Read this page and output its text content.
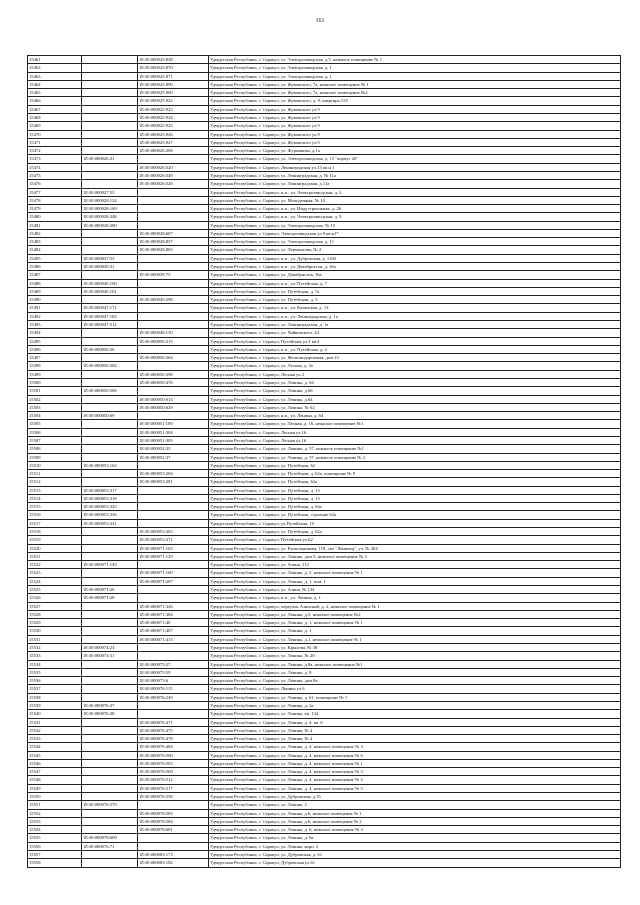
161
15461		18:30:000025:838	Удмуртская Республика, г. Сарапул, ул. Электрозаводская, д.5, нежилое помещение № 1
15462		18:30:000025:870	Удмуртская Республика, г. Сарапул, ул. Электрозаводская, д. 1
15463		18:30:000025:871	Удмуртская Республика, г. Сарапул, ул. Электрозаводская, д. 1
15464		18:30:000025:899	Удмуртская Республика, г. Сарапул, ул. Жуковского, 7а, нежилое помещение № 1
15465		18:30:000025:900	Удмуртская Республика, г. Сарапул, ул. Жуковского, 7а, нежилое помещение №2
15466		18:30:000025:922	Удмуртская Республика, г. Сарапул, ул. Жуковского, д. 9, квартира 153
15467		18:30:000025:923	Удмуртская Республика, г. Сарапул, ул. Жуковского ул.9
15468		18:30:000025:924	Удмуртская Республика, г. Сарапул, ул. Жуковского ул.9
15469		18:30:000025:925	Удмуртская Республика, г. Сарапул, ул. Жуковского ул.9
15470		18:30:000025:926	Удмуртская Республика, г. Сарапул, ул. Жуковского ул.9
15471		18:30:000025:927	Удмуртская Республика, г. Сарапул, ул. Жуковского ул.9
15472		18:30:000026:208	Удмуртская Республика, г. Сарапул, ул. Фурманова, д.1а
15473	18:30:000026:31		Удмуртская Республика, г. Сарапул, ул. Электрозаводская, д. 15 "корпус 26"
15474		18:30:000026:520	Удмуртская Республика, г. Сарапул, Ленинградская ул.13 кв.н 1
15475		18:30:000026:549	Удмуртская Республика, г. Сарапул, ул. Ленинградская, д. № 11а
15476		18:30:000026:526	Удмуртская Республика, г. Сарапул, ул. Ленинградская, д.11а
15477	18:30:000027:55		Удмуртская Республика, г. Сарапул, н.п., ул. Электрозаводская, д. 2
15478	18:30:000028:124		Удмуртская Республика, г. Сарапул, ул. Молодежная, № 10
15479	18:30:000028:169		Удмуртская Республика, г. Сарапул, н.п., ул. Индустриальная, д. 26
15480	18:30:000028:348		Удмуртская Республика, г. Сарапул, н.п., ул. Электрозаводская, д. 9
15481	18:30:000028:380		Удмуртская Республика, г. Сарапул, ул. Электрозаводская, № 13
15482		18:30:000028:607	Удмуртская Республика, г. Сарапул, Электрозаводская ул.9 кв.н1*
15483		18:30:000028:857	Удмуртская Республика, г. Сарапул, ул. Электрозаводская, д. 11
15484		18:30:000028:865	Удмуртская Республика, г. Сарапул, ул. Лермонтова, № 2
15485	18:30:000037:33		Удмуртская Республика, г. Сарапул, н.п., ул. Дубровская, д. 110б
15486	18:30:000039:31		Удмуртская Республика, г. Сарапул, н.п., ул. Декабристов, д. 16а
15487		18:30:000039:75	Удмуртская Республика, г. Сарапул, ул. Декабристов, 16а
15488	18:30:000040:100		Удмуртская Республика, г. Сарапул, н.п., ул. Путейская, д. 7
15489	18:30:000040:101		Удмуртская Республика, г. Сарапул, ул. Путейская, д. 7а
15490		18:30:000040:298	Удмуртская Республика, г. Сарапул, ул. Путейская, д. 3
15491	18:30:000047:171		Удмуртская Республика, г. Сарапул, н.п., ул. Казанская, д. 13
15492	18:30:000047:183		Удмуртская Республика, г. Сарапул, н.п., ул. Ленинградская, д. 1а
15493	18:30:000047:512		Удмуртская Республика, г. Сарапул, ул. Ленинградская, д. 1а
15494		18:30:000048:150	Удмуртская Республика, г. Сарапул, ул. Чайковского, 24
15495		18:30:000050:215	Удмуртская Республика, г. Сарапул, Путейская ул.2 кв.4
15496	18:30:000050:36		Удмуртская Республика, г. Сарапул, н.п., ул. Путейская, д. 2
15497		18:30:000050:364	Удмуртская Республика, г. Сарапул, ул. Железнодорожная, дом 23
15498	18:30:000050:382		Удмуртская Республика, г. Сарапул, ул. Лесная, д. 3а
15499		18:30:000050:398	Удмуртская Республика, г. Сарапул, Лесная ул.3
15500		18:30:000050:476	Удмуртская Республика, г. Сарапул, ул. Ленина, д. 64
15501	18:30:000050:506		Удмуртская Республика, г. Сарапул, ул. Ленина, д.66
15502		18:30:000050:613	Удмуртская Республика, г. Сарапул, ул. Ленина, д.64
15503		18:30:000050:629	Удмуртская Республика, г. Сарапул, ул. Ленина, № 62
15504	18:30:000050:69		Удмуртская Республика, г. Сарапул, н.п., ул. Ленина, д. 64
15505		18:30:000051:189	Удмуртская Республика, г. Сарапул, ул. Лесная, д. 16, нежилое помещение №1
15506		18:30:000051:304	Удмуртская Республика, г. Сарапул, Лесная ул.16
15507		18:30:000051:305	Удмуртская Республика, г. Сарапул, Лесная ул.16
15508		18:30:000052:35	Удмуртская Республика, г. Сарапул, ул. Ленина, д. 57, нежилое помещение №1
15509		18:30:000052:37	Удмуртская Республика, г. Сарапул, ул. Ленина, д. 57, нежилое помещение № 2
15510	18:30:000053:162		Удмуртская Республика, г. Сарапул, ул. Путейская, 62
15511		18:30:000053:204	Удмуртская Республика, г. Сарапул, ул. Путейская, д. 62а, помещение № 9
15512		18:30:000053:281	Удмуртская Республика, г. Сарапул, ул. Путейская, 62а
15513	18:30:000053:317		Удмуртская Республика, г. Сарапул, ул. Путейская, д. 13
15514	18:30:000053:318		Удмуртская Республика, г. Сарапул, ул. Путейская, д. 13
15515	18:30:000053:325		Удмуртская Республика, г. Сарапул, ул. Путейская, д. 64а
15516	18:30:000053:326		Удмуртская Республика, г. Сарапул, ул. Путейская, строение 62а
15517	18:30:000053:331		Удмуртская Республика, г. Сарапул, ул.Путейская, 1б
15518		18:30:000053:365	Удмуртская Республика, г. Сарапул, ул. Путейская, д. 62а
15519		18:30:000053:371	Удмуртская Республика, г. Сарапул, Путейская ул.62
15520		18:30:000071:103	Удмуртская Республика, г. Сарапул, ул. Раскольникова, 118, снт "Ленинец", уч. № 404
15521		18:30:000071:129	Удмуртская Республика, г. Сарапул, ул. Ленина, дом 5, нежилое помещение № 3
15522	18:30:000071:145		Удмуртская Республика, г. Сарапул, ул. Азина, 112
15523		18:30:000071:160	Удмуртская Республика, г. Сарапул, ул. Ленина, д. 5, нежилое помещение № 1
15524		18:30:000071:207	Удмуртская Республика, г. Сарапул, ул. Ленина, д. 1, пом. 1
15525	18:30:000071:26		Удмуртская Республика, г. Сарапул, ул. Азина, № 134
15526	18:30:000071:28		Удмуртская Республика, г. Сарапул, н.п., ул. Ленина, д. 1
15527		18:30:000071:326	Удмуртская Республика, г. Сарапул, переулок Азинский, д. 2, нежилое помещение № 1
15528		18:30:000071:384	Удмуртская Республика, г. Сарапул, ул. Ленина, д.5, нежилое помещение №2
15529		18:30:000071:40	Удмуртская Республика, г. Сарапул, ул. Ленина, д. 1, нежилое помещение № 1
15530		18:30:000071:407	Удмуртская Республика, г. Сарапул, ул. Ленина, д. 1
15531		18:30:000071:413	Удмуртская Республика, г. Сарапул, ул. Ленина, д.1, нежилое помещение № 1
15532	18:30:000074:23		Удмуртская Республика, г. Сарапул, ул. Крылова, № 38
15533	18:30:000074:31		Удмуртская Республика, г. Сарапул, ул. Ленина, № 20
15534		18:30:000075:27	Удмуртская Республика, г. Сарапул, ул. Ленина, д.8а, нежилое помещение №1
15535		18:30:000075:59	Удмуртская Республика, г. Сарапул, ул. Ленина, д. 8
15536		18:30:000075:6	Удмуртская Республика, г. Сарапул, ул. Ленина, дом 8а
15537		18:30:000076:115	Удмуртская Республика, г. Сарапул, Ленина ул.6
15538		18:30:000076:249	Удмуртская Республика, г. Сарапул, ул. Ленина, д. 61, помещение № 1
15539	18:30:000076:37		Удмуртская Республика, г. Сарапул, ул. Ленина, д. 2а
15540	18:30:000076:38		Удмуртская Республика, г. Сарапул, ул. Ленина, кв. 134
15541		18:30:000076:471	Удмуртская Республика, г. Сарапул, ул. Ленина, д. 4, кв. 6
15542		18:30:000076:475	Удмуртская Республика, г. Сарапул, ул. Ленина, № 4
15543		18:30:000076:478	Удмуртская Республика, г. Сарапул, ул. Ленина, № 4
15544		18:30:000076:484	Удмуртская Республика, г. Сарапул, ул. Ленина, д. 4, нежилое помещение № 4
15545		18:30:000076:500	Удмуртская Республика, г. Сарапул, ул. Ленина, д. 4, нежилое помещение № 6
15546		18:30:000076:505	Удмуртская Республика, г. Сарапул, ул. Ленина, д. 4, нежилое помещение № 1
15547		18:30:000076:509	Удмуртская Республика, г. Сарапул, ул. Ленина, д. 4, нежилое помещение № 3
15548		18:30:000076:512	Удмуртская Республика, г. Сарапул, ул. Ленина, д. 4, нежилое помещение № 2
15549		18:30:000076:517	Удмуртская Республика, г. Сарапул, ул. Ленина, д. 4, нежилое помещение № 5
15550		18:30:000076:558	Удмуртская Республика, г. Сарапул, ул. Дубровская, д.55
15551	18:30:000076:579		Удмуртская Республика, г. Сарапул, ул. Ленина, 2
15552		18:30:000076:583	Удмуртская Республика, г. Сарапул, ул. Ленина, д.6, нежилое помещение № 1
15553		18:30:000076:584	Удмуртская Республика, г. Сарапул, ул. Ленина, д.6, нежилое помещение № 2
15554		18:30:000076:601	Удмуртская Республика, г. Сарапул, ул. Ленина, д. 6, нежилое помещение № 3
15555	18:30:000076:609		Удмуртская Республика, г. Сарапул, ул. Ленина, д. 6а
15556	18:30:000076:71		Удмуртская Республика, г. Сарапул, ул. Ленина, корп. 2
15557		18:30:000083:173	Удмуртская Республика, г. Сарапул, ул. Дубровская, д. 61
15558		18:30:000083:182	Удмуртская Республика, г. Сарапул, Дубровская ул.61
